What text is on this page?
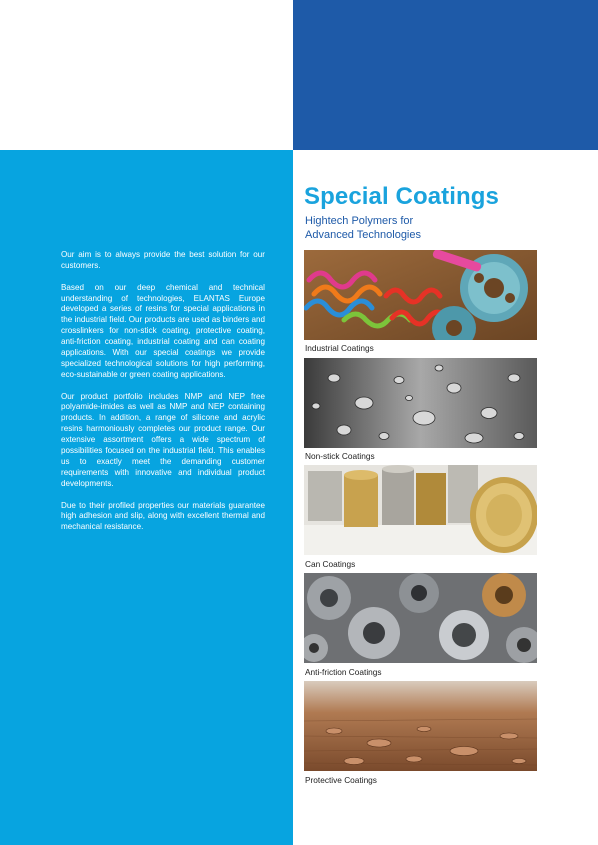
Our aim is to always provide the best solution for our customers.

Based on our deep chemical and technical understanding of technologies, ELANTAS Europe developed a series of resins for special applications in the industrial field. Our products are used as binders and crosslinkers for non-stick coating, protective coating, anti-friction coating, industrial coating and can coating applications. With our special coatings we provide specialized technological solutions for high performing, eco-sustainable or green coating applications.

Our product portfolio includes NMP and NEP free polyamide-imides as well as NMP and NEP containing products. In addition, a range of silicone and acrylic resins harmoniously completes our product range. Our extensive assortment offers a wide spectrum of possibilities focused on the industrial field. This enables us to exactly meet the demanding customer requirements with innovative and individual product developments.

Due to their profiled properties our materials guarantee high adhesion and slip, along with excellent thermal and mechanical resistance.

Special Coatings
Hightech Polymers for
Advanced Technologies
Industrial Coatings
Non-stick Coatings
Can Coatings
Anti-friction Coatings
Protective Coatings
